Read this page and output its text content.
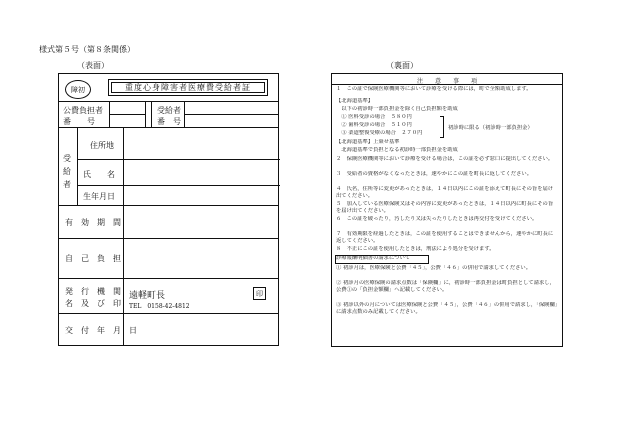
様式第５号（第８条関係）
（表面）	（裏面）
障初	重度心身障害者医療費受給者証
公費負担者
番　　号
受給者
番　号
受給者
住所地
氏　　名
生年月日
有　効　期　間
自　己　負　担
発　行　機　関
名　及　び　印
遠軽町長
TEL　0158-42-4812
印
交　付　年　月　日
注　　意　　事　　項
１　この証で保険医療機関等において診療を受ける際には，町で全額助成します。
【北海道基準】
　以下の初診時一部負担金を除く自己負担額を助成
　① 医科受診の場合　５８０円
　② 歯科受診の場合　５１０円
　③ 柔道整復受療の場合　２７０円
初診時に限る（初診時一部負担金）
【北海道基準】上乗せ基準
　北海道基準で負担となる初診時一部負担金を助成
２　保険医療機関等において診療を受ける場合は，この証を必ず窓口に提出してください。
３　受給者の資格がなくなったときは，速やかにこの証を町長に返してください。
４　氏名，住所等に変更があったときは，１４日以内にこの証を添えて町長にその旨を届け出てください。
５　加入している医療保険又はその内容に変更があったときは，１４日以内に町長にその旨を届け出てください。
６　この証を破ったり，汚したり又は失ったりしたときは再交付を受けてください。
７　有効期限を経過したときは，この証を使用することはできませんから，速やかに町長に返してください。
８　不正にこの証を使用したときは，刑法により処分を受けます。
診療報酬明細書の請求について
① 初診月は，医療保険と公費「４５」，公費「４６」の併用で請求してください。
② 初診月の医療保険の請求点数は「保険欄」に，初診時一部負担金は町負担として請求し，公費①の「負担金額欄」へ記載してください。
③ 初診以外の月については医療保険と公費「４５」，公費「４６」の併用で請求し，「保険欄」に請求点数のみ記載してください。
